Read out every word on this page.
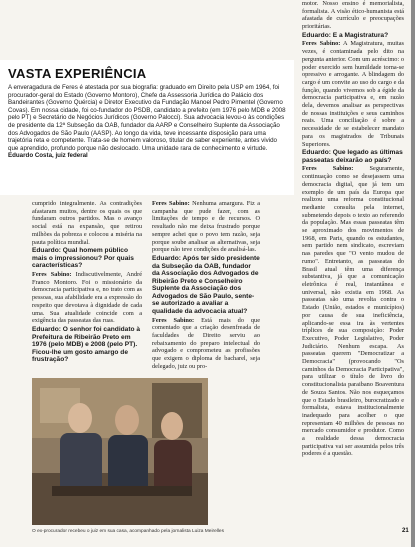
VASTA EXPERIÊNCIA
A enveragadura de Feres é atestada por sua biografia: graduado em Direito pela USP em 1964, foi procurador-geral do Estado (Governo Montoro), Chefe da Assessoria Jurídica do Palácio dos Bandeirantes (Governo Quércia) e Diretor Executivo da Fundação Manoel Pedro Pimentel (Governo Covas). Em nossa cidade, foi co-fundador do PSDB, candidato a prefeito (em 1976 pelo MDB e 2008 pelo PT) e Secretário de Negócios Jurídicos (Governo Palocci). Sua advocacia levou-o às condições de presidente da 12ª Subseção da OAB, fundador da AARP e Conselheiro Suplente da Associação dos Advogados de São Paulo (AASP). Ao longo da vida, teve incessante disposição para uma trajetória reta e competente. Trata-se de homem valoroso, titular de saber experiente, antes vivido que aprendido, profundo porque não deslocado. Uma unidade rara de conhecimento e virtude. Eduardo Costa, juiz federal

cumprido integralmente. As contradições afastaram muitos, dentre os quais os que fundaram outros partidos. Mas o avanço social está na expansão, que retirou milhões da pobreza e colocou a miséria na pauta política mundial.

Eduardo: Qual homem público mais o impressionou? Por quais características?

Feres Sabino: Indiscutivelmente, André Franco Montoro. Foi o missionário da democracia participativa e, no trato com as pessoas, sua afabilidade era a expressão do respeito que devotava à dignidade de cada uma. Sua atualidade coincide com a exigência das passeatas das ruas.

Eduardo: O senhor foi candidato à Prefeitura de Ribeirão Preto em 1976 (pelo MDB) e 2008 (pelo PT). Ficou-lhe um gosto amargo de frustração?

Feres Sabino: Nenhuma amargura. Fiz a campanha que pude fazer, com as limitações de tempo e de recursos. O resultado não me deixa frustrado porque sempre achei que o povo tem razão, seja porque soube analisar as alternativas, seja porque não teve condições de analisá-las.

Eduardo: Após ter sido presidente da Subseção da OAB, fundador da Associação dos Advogados de Ribeirão Preto e Conselheiro Suplente da Associação dos Advogados de São Paulo, sente-se autorizado a avaliar a qualidade da advocacia atual?

Feres Sabino: Está mais do que comentado que a criação desenfreada de faculdades de Direito serviu ao rebaixamento do preparo intelectual do advogado e comprometeu as profissões que exigem o diploma de bacharel, seja delegado, juiz ou pro-

motor. Nosso ensino é memorialista, formalista. A visão ético-humanista está afastada de currículo e preocupações prioritárias.

Eduardo: E a Magistratura?

Feres Sabino: A Magistratura, muitas vezes, é contaminada pelo dito na pergunta anterior. Com um acréscimo: o poder exercido sem humildade torna-se opressivo e arrogante. A blindagem do cargo é um convite ao uso do cargo e da função, quando vivemos sob a égide da democracia participativa e, em razão dela, devemos analisar as perspectivas de nossas instituições e seus caminhos reais. Uma conciliação é sobre a necessidade de se estabelecer mandato para os magistrados de Tribunais Superiores.

Eduardo: Que legado as últimas passeatas deixarão ao país?

Feres Sabino: Seguramente, continuação como se desejassem uma democracia digital, que já tem um exemplo de um país da Europa que realizou uma reforma constitucional mediante consulta pela internet, submetendo depois o texto ao referendo da população. Mas essas passeatas têm se aproximado dos movimentos de 1968, em Paris, quando os estudantes, sem partido nem sindicato, escreviam nas paredes que "O vento mudou de rumo". Entretanto, as passeatas do Brasil atual têm uma diferença substantiva, já que a comunicação eletrônica é real, instantânea e universal, não existia em 1968. As passeatas são uma revolta contra o Estado (União, estados e municípios) por causa de sua ineficiência, aplicando-se essa ira às vertentes tríplices de sua composição: Poder Executivo, Poder Legislativo, Poder Judiciário. Nenhum escapa. As passeatas querem "Democratizar a Democracia" (provocando "Os caminhos da Democracia Participativa", para utilizar o título de livro do constitucionalista paraibano Boaventura de Souza Santos. Não nos esqueçamos que o Estado brasileiro, burocratizado e formalista, estava institucionalmente inadequado para acolher o que representam 40 milhões de pessoas no mercado consumidor e produtor. Como a realidade dessa democracia participativa vai ser assumida pelos três poderes é a questão.

O ex-procurador recebeu o juiz em sua casa, acompanhado pela jornalista Luiza Meirelles	21
